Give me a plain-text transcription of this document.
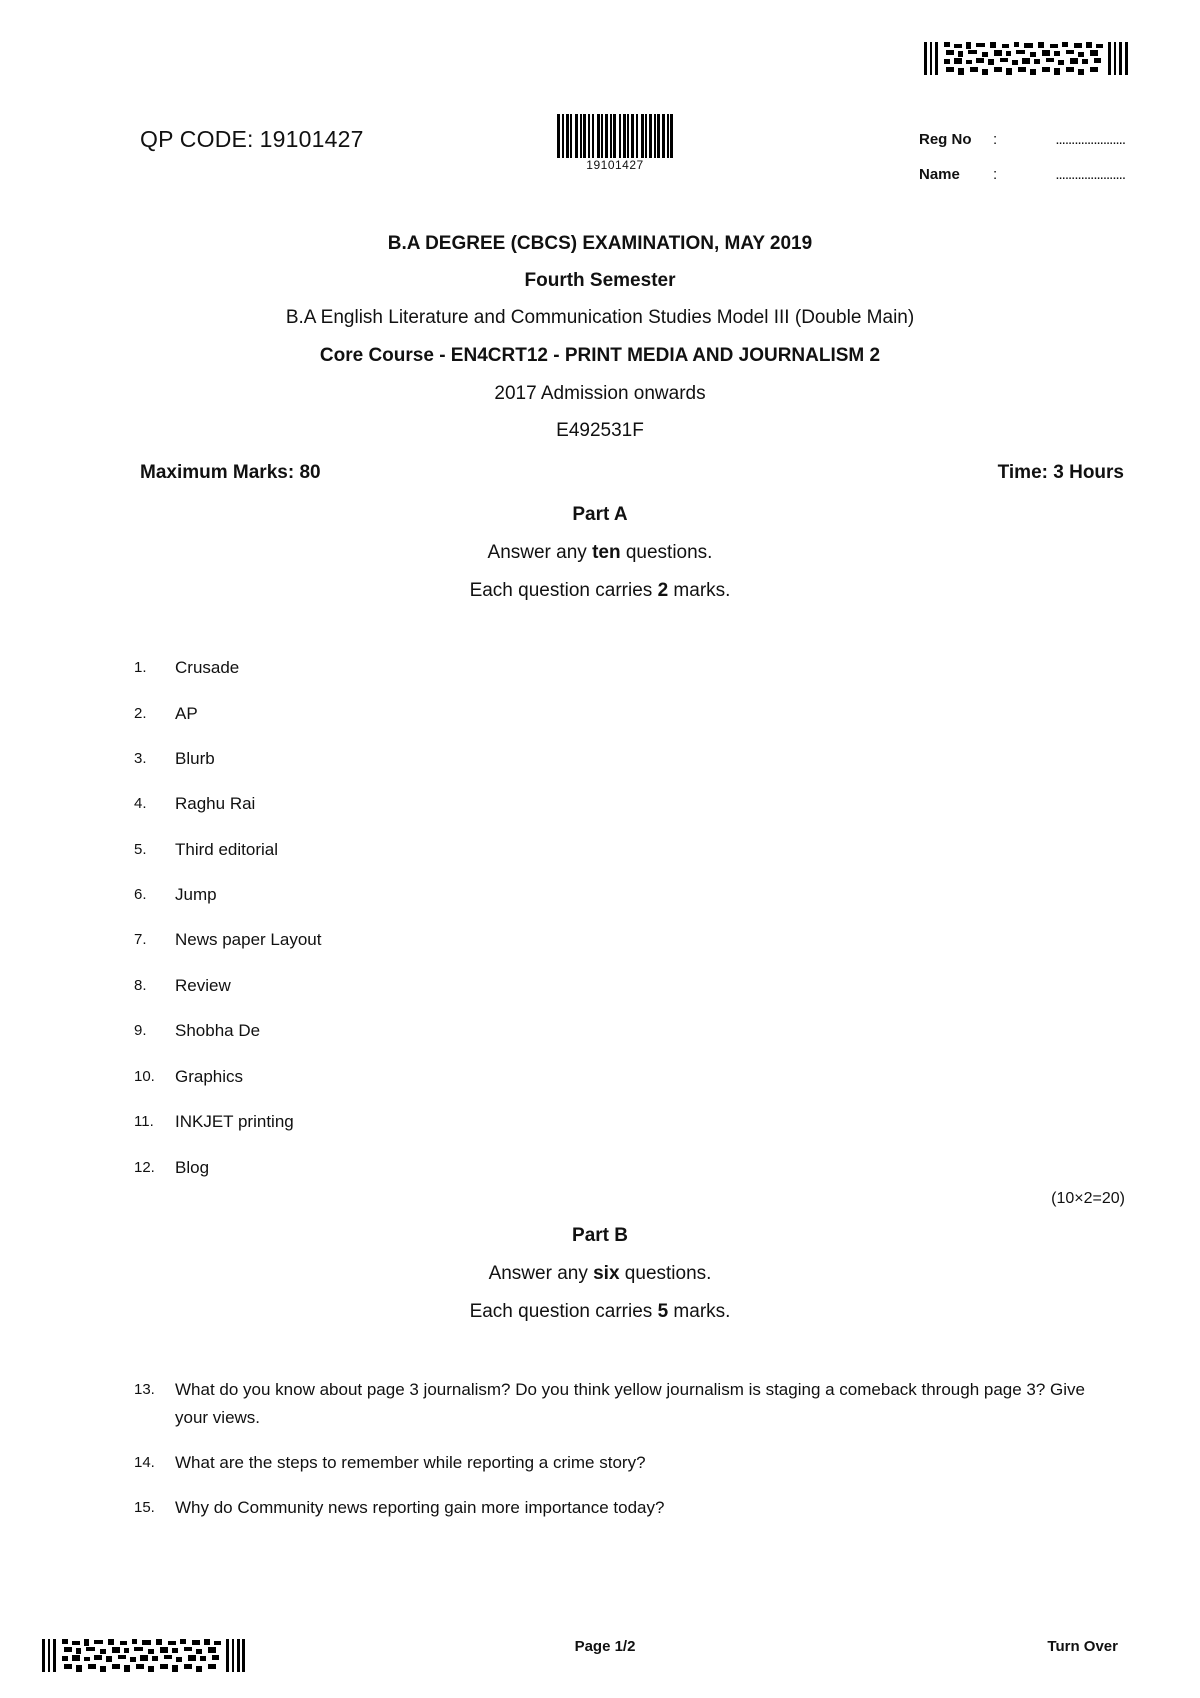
QP CODE: 19101427
19101427
Reg No	:	......................
Name	:	......................
B.A DEGREE (CBCS) EXAMINATION, MAY 2019
Fourth Semester
B.A English Literature and Communication Studies Model III (Double Main)
Core Course - EN4CRT12 - PRINT MEDIA AND JOURNALISM 2
2017 Admission onwards
E492531F
Maximum Marks: 80	Time: 3 Hours
Part A
Answer any ten questions.
Each question carries 2 marks.
1.	Crusade
2.	AP
3.	Blurb
4.	Raghu Rai
5.	Third editorial
6.	Jump
7.	News paper Layout
8.	Review
9.	Shobha De
10.	Graphics
11.	INKJET printing
12.	Blog
(10×2=20)
Part B
Answer any six questions.
Each question carries 5 marks.
13.	What do you know about page 3 journalism? Do you think yellow journalism is staging a comeback through page 3? Give your views.
14.	What are the steps to remember while reporting a crime story?
15.	Why do Community news reporting gain more importance today?
Page 1/2	Turn Over
